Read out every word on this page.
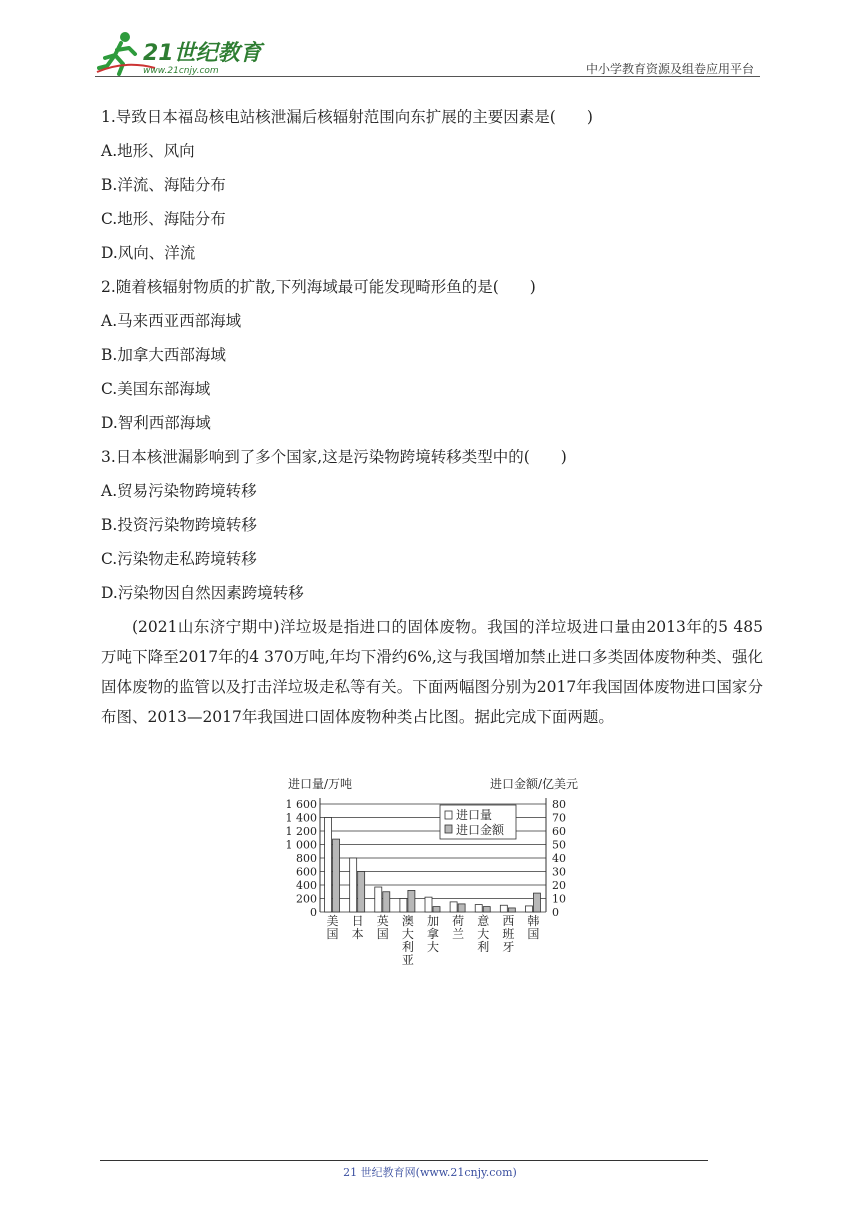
21世纪教育
www.21cnjy.com	中小学教育资源及组卷应用平台
1.导致日本福岛核电站核泄漏后核辐射范围向东扩展的主要因素是(　　)
A.地形、风向
B.洋流、海陆分布
C.地形、海陆分布
D.风向、洋流
2.随着核辐射物质的扩散,下列海域最可能发现畸形鱼的是(　　)
A.马来西亚西部海域
B.加拿大西部海域
C.美国东部海域
D.智利西部海域
3.日本核泄漏影响到了多个国家,这是污染物跨境转移类型中的(　　)
A.贸易污染物跨境转移
B.投资污染物跨境转移
C.污染物走私跨境转移
D.污染物因自然因素跨境转移
(2021山东济宁期中)洋垃圾是指进口的固体废物。我国的洋垃圾进口量由2013年的5 485万吨下降至2017年的4 370万吨,年均下滑约6%,这与我国增加禁止进口多类固体废物种类、强化固体废物的监管以及打击洋垃圾走私等有关。下面两幅图分别为2017年我国固体废物进口国家分布图、2013—2017年我国进口固体废物种类占比图。据此完成下面两题。
进口量/万吨	进口金额/亿美元
1 600	80
1 400	70
1 200	60
1 000	50
800	40
600	30
400	20
200	10
0	0
美
国
日
本
英
国
澳
大
利
亚
加
拿
大
荷
兰
意
大
利
西
班
牙
韩
国
进口量
进口金额
21 世纪教育网(www.21cnjy.com)
